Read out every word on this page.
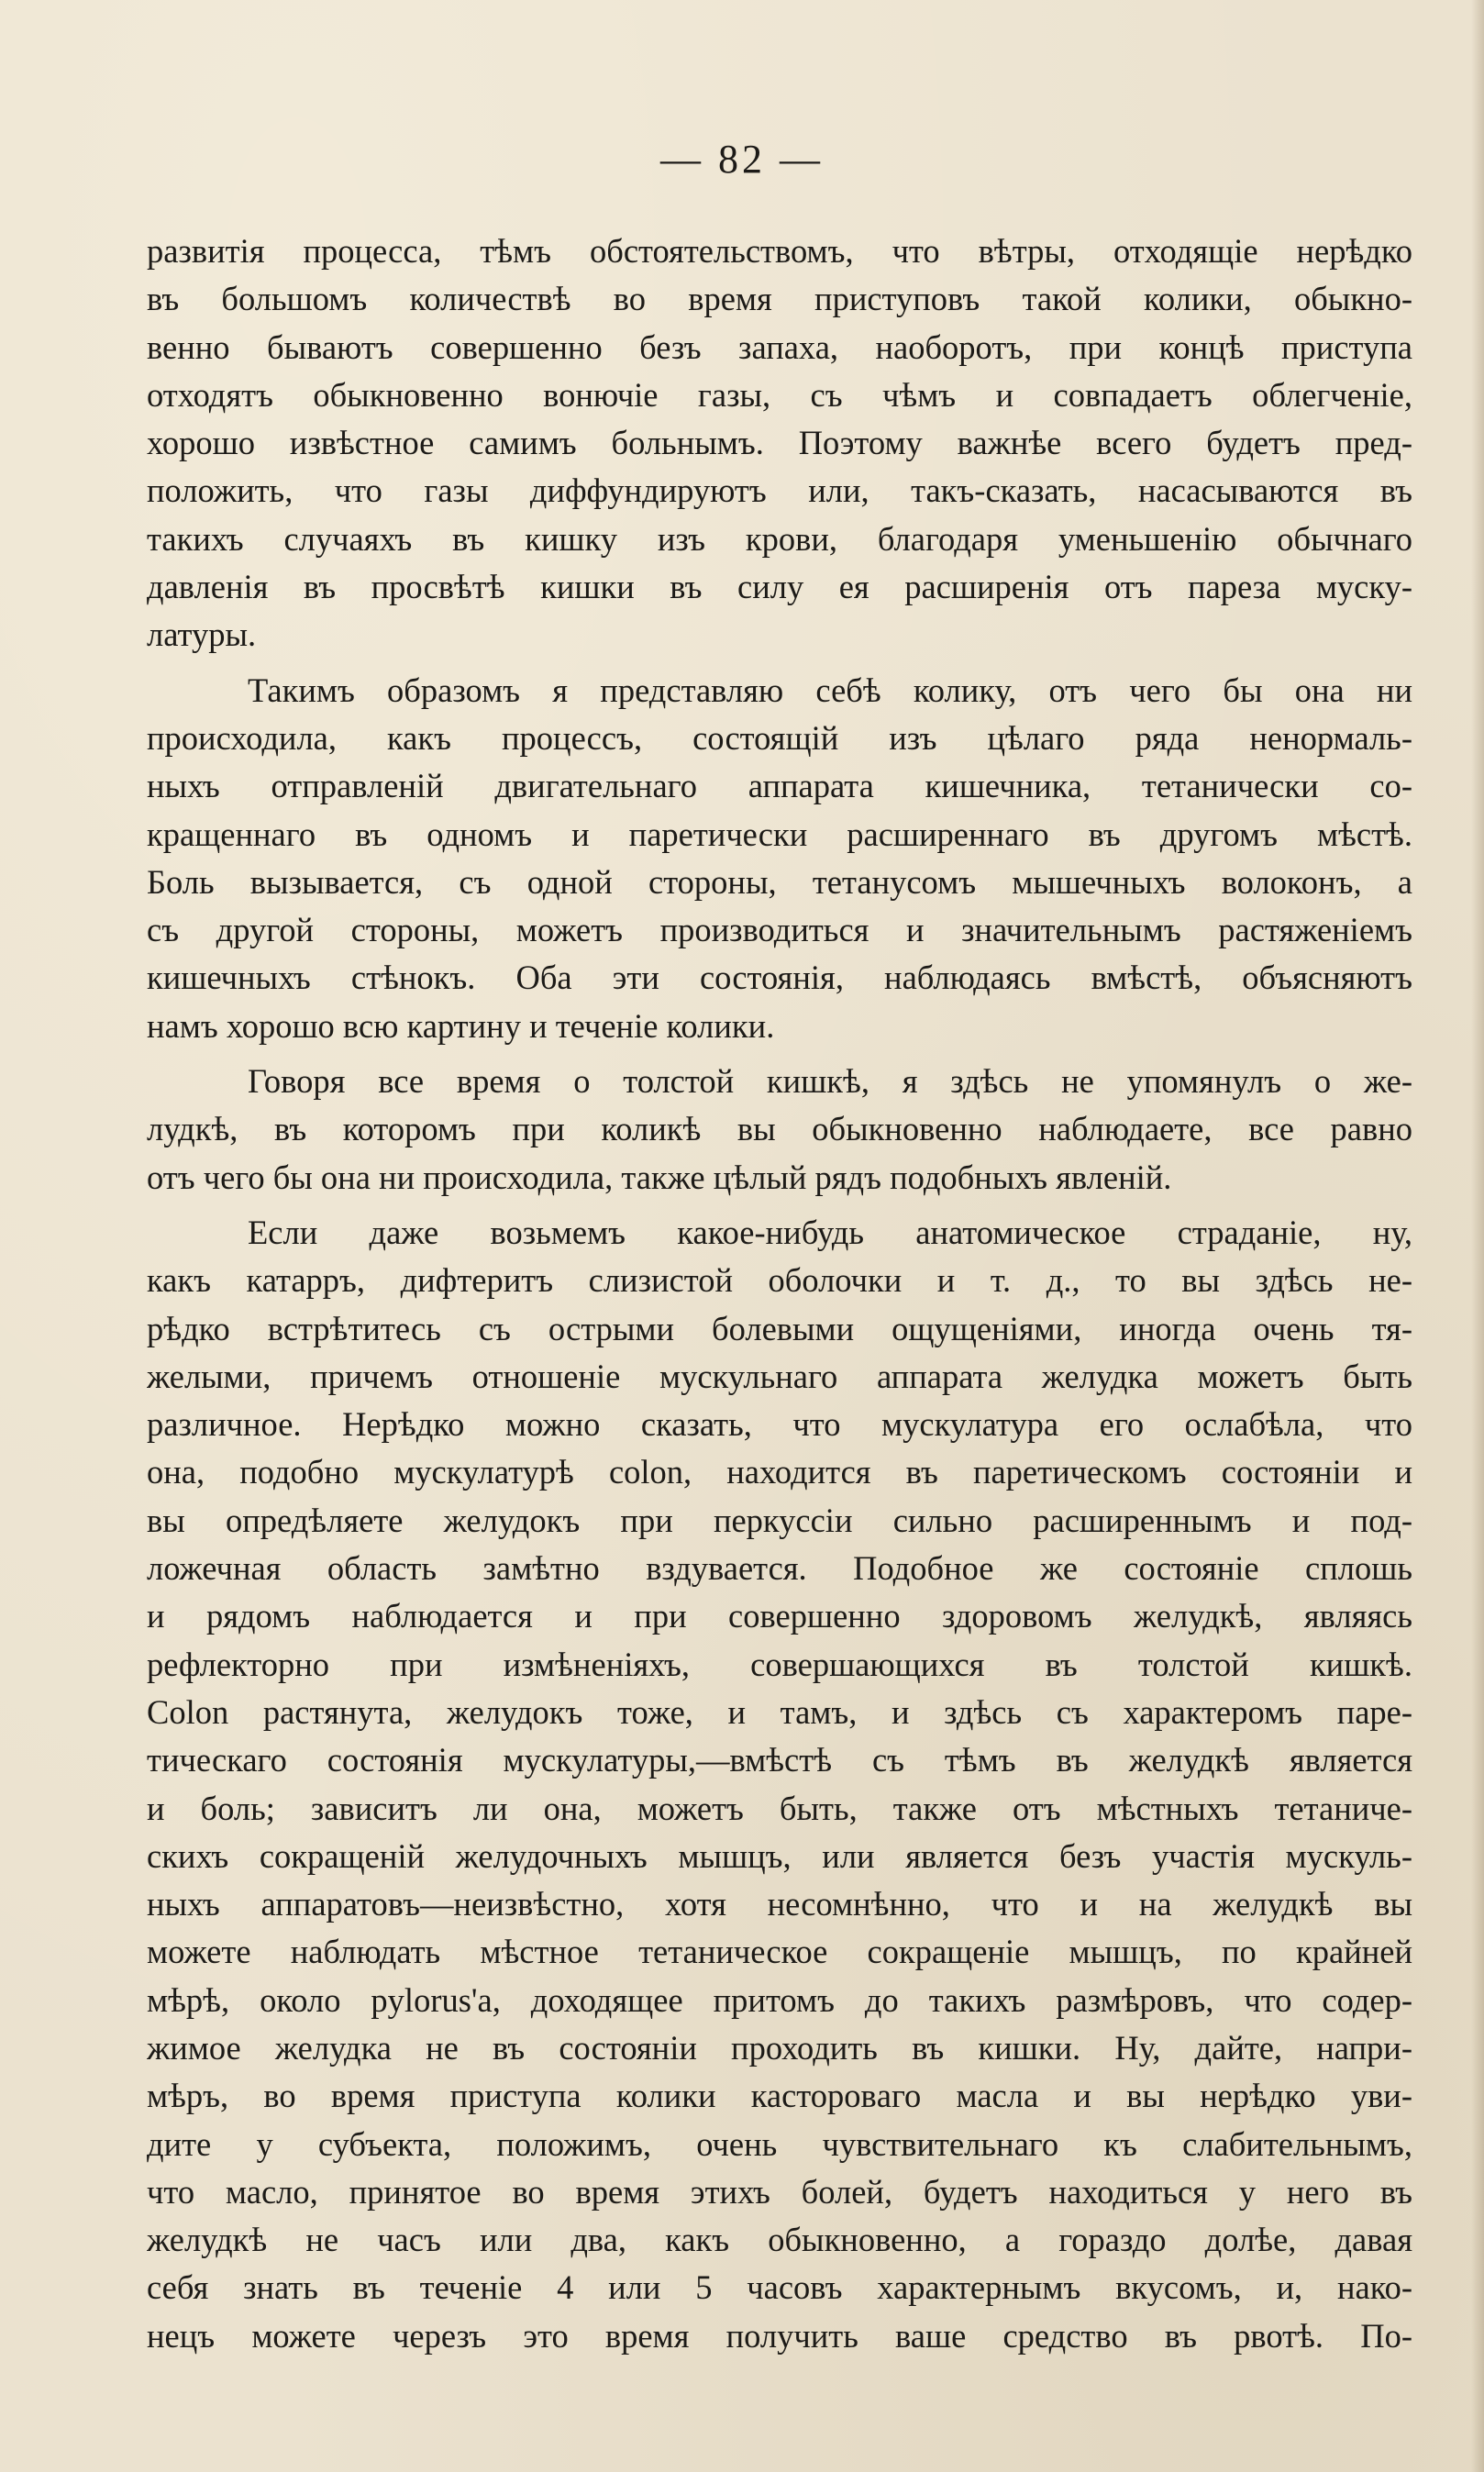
— 82 —
развитія процесса, тѣмъ обстоятельствомъ, что вѣтры, отходящіе нерѣдко
въ большомъ количествѣ во время приступовъ такой колики, обыкно-
венно бываютъ совершенно безъ запаха, наоборотъ, при концѣ приступа
отходятъ обыкновенно вонючіе газы, съ чѣмъ и совпадаетъ облегченіе,
хорошо извѣстное самимъ больнымъ. Поэтому важнѣе всего будетъ пред-
положить, что газы диффундируютъ или, такъ-сказать, насасываются въ
такихъ случаяхъ въ кишку изъ крови, благодаря уменьшенію обычнаго
давленія въ просвѣтѣ кишки въ силу ея расширенія отъ пареза муску-
латуры.
Такимъ образомъ я представляю себѣ колику, отъ чего бы она ни
происходила, какъ процессъ, состоящій изъ цѣлаго ряда ненормаль-
ныхъ отправленій двигательнаго аппарата кишечника, тетанически со-
кращеннаго въ одномъ и паретически расширеннаго въ другомъ мѣстѣ.
Боль вызывается, съ одной стороны, тетанусомъ мышечныхъ волоконъ, а
съ другой стороны, можетъ производиться и значительнымъ растяженіемъ
кишечныхъ стѣнокъ. Оба эти состоянія, наблюдаясь вмѣстѣ, объясняютъ
намъ хорошо всю картину и теченіе колики.
Говоря все время о толстой кишкѣ, я здѣсь не упомянулъ о же-
лудкѣ, въ которомъ при коликѣ вы обыкновенно наблюдаете, все равно
отъ чего бы она ни происходила, также цѣлый рядъ подобныхъ явленій.
Если даже возьмемъ какое-нибудь анатомическое страданіе, ну,
какъ катарръ, дифтеритъ слизистой оболочки и т. д., то вы здѣсь не-
рѣдко встрѣтитесь съ острыми болевыми ощущеніями, иногда очень тя-
желыми, причемъ отношеніе мускульнаго аппарата желудка можетъ быть
различное. Нерѣдко можно сказать, что мускулатура его ослабѣла, что
она, подобно мускулатурѣ colon, находится въ паретическомъ состояніи и
вы опредѣляете желудокъ при перкуссіи сильно расширеннымъ и под-
ложечная область замѣтно вздувается. Подобное же состояніе сплошь
и рядомъ наблюдается и при совершенно здоровомъ желудкѣ, являясь
рефлекторно при измѣненіяхъ, совершающихся въ толстой кишкѣ.
Colon растянута, желудокъ тоже, и тамъ, и здѣсь съ характеромъ паре-
тическаго состоянія мускулатуры,—вмѣстѣ съ тѣмъ въ желудкѣ является
и боль; зависитъ ли она, можетъ быть, также отъ мѣстныхъ тетаниче-
скихъ сокращеній желудочныхъ мышцъ, или является безъ участія мускуль-
ныхъ аппаратовъ—неизвѣстно, хотя несомнѣнно, что и на желудкѣ вы
можете наблюдать мѣстное тетаническое сокращеніе мышцъ, по крайней
мѣрѣ, около pylorus'а, доходящее притомъ до такихъ размѣровъ, что содер-
жимое желудка не въ состояніи проходить въ кишки. Ну, дайте, напри-
мѣръ, во время приступа колики касторовaго масла и вы нерѣдко уви-
дите у субъекта, положимъ, очень чувствительнаго къ слабительнымъ,
что масло, принятое во время этихъ болей, будетъ находиться у него въ
желудкѣ не часъ или два, какъ обыкновенно, а гораздо долѣе, давая
себя знать въ теченіе 4 или 5 часовъ характернымъ вкусомъ, и, нако-
нецъ можете черезъ это время получить ваше средство въ рвотѣ. По-
